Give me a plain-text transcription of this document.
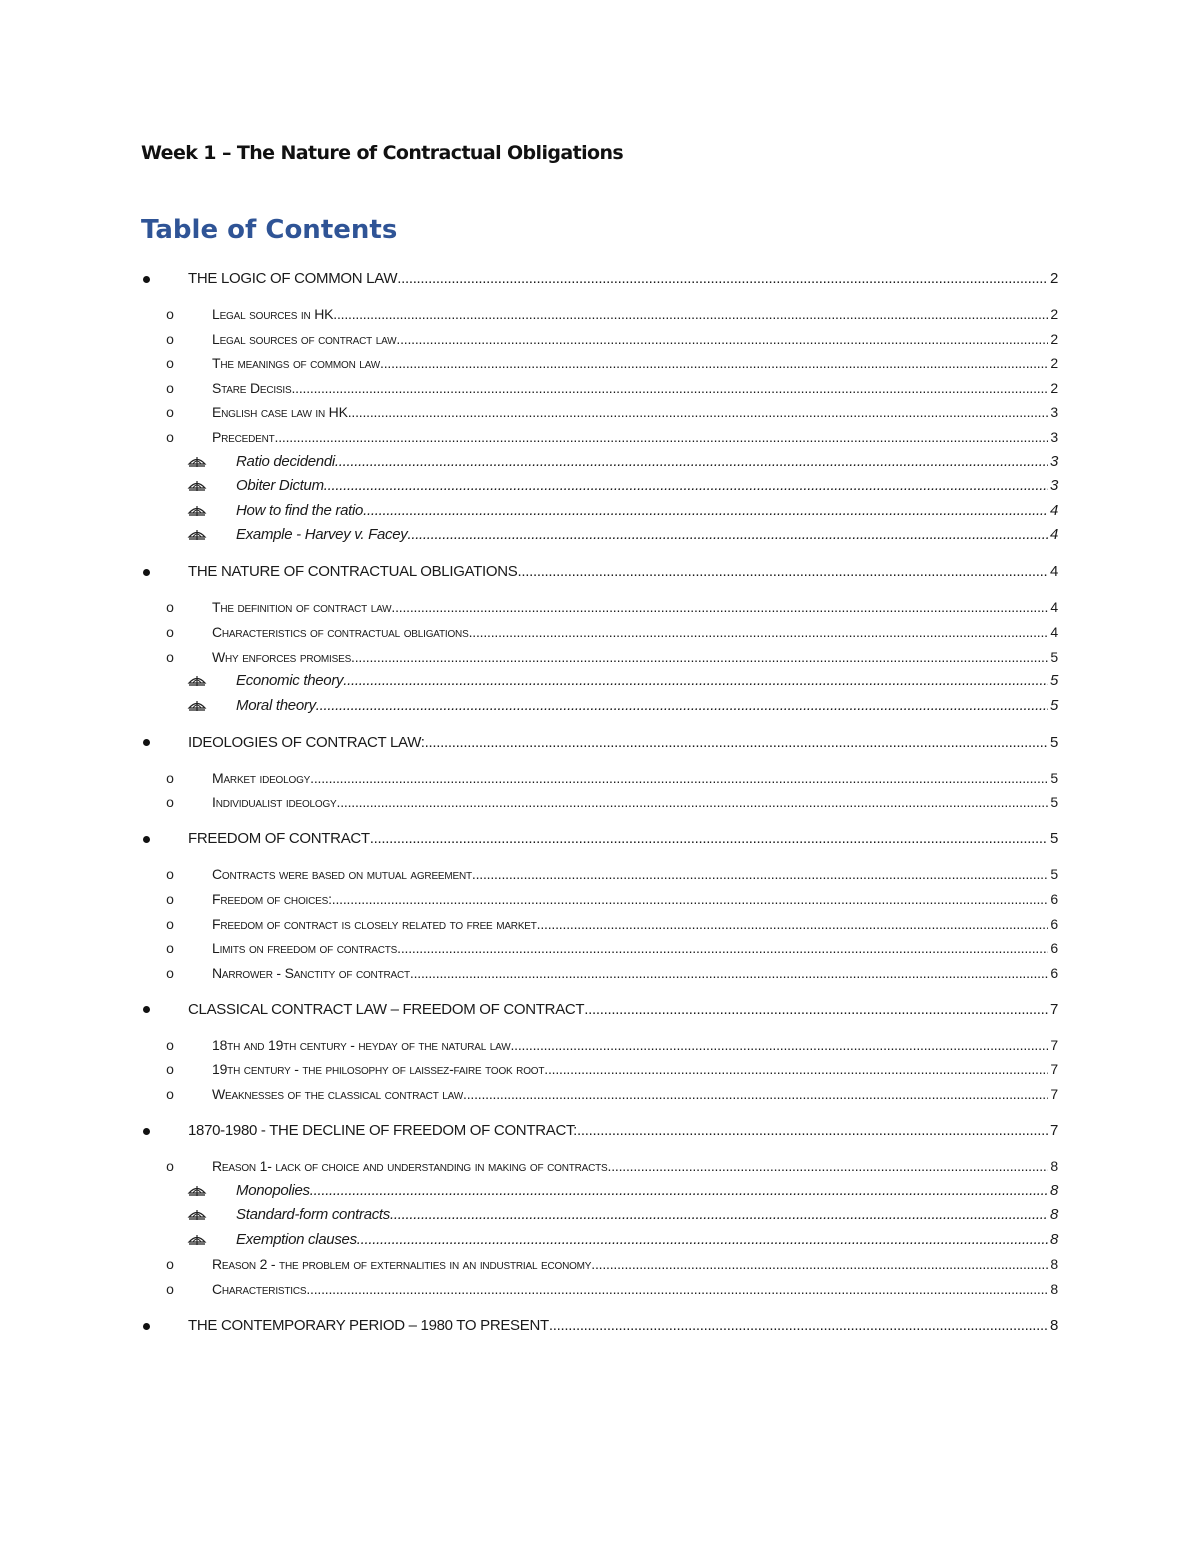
Week 1 – The Nature of Contractual Obligations
Table of Contents
THE LOGIC OF COMMON LAW .....	2
o	Legal sources in HK .....	2
o	Legal sources of contract law .....	2
o	The meanings of common law .....	2
o	Stare Decisis .....	2
o	English case law in HK .....	3
o	Precedent .....	3
Ratio decidendi .....	3
Obiter Dictum .....	3
How to find the ratio .....	4
Example - Harvey v. Facey .....	4
THE NATURE OF CONTRACTUAL OBLIGATIONS .....	4
o	The definition of contract law .....	4
o	Characteristics of contractual obligations .....	4
o	Why enforces promises .....	5
Economic theory .....	5
Moral theory .....	5
IDEOLOGIES OF CONTRACT LAW: .....	5
o	Market ideology .....	5
o	Individualist ideology .....	5
FREEDOM OF CONTRACT .....	5
o	Contracts were based on mutual agreement .....	5
o	Freedom of choices: .....	6
o	Freedom of contract is closely related to free market .....	6
o	Limits on freedom of contracts .....	6
o	Narrower - Sanctity of contract .....	6
CLASSICAL CONTRACT LAW – FREEDOM OF CONTRACT .....	7
o	18th and 19th century - heyday of the natural law .....	7
o	19th century - the philosophy of laissez-faire took root .....	7
o	Weaknesses of the classical contract law .....	7
1870-1980 - THE DECLINE OF FREEDOM OF CONTRACT: .....	7
o	Reason 1- lack of choice and understanding in making of contracts .....	8
Monopolies .....	8
Standard-form contracts .....	8
Exemption clauses .....	8
o	Reason 2 - the problem of externalities in an industrial economy .....	8
o	Characteristics .....	8
THE CONTEMPORARY PERIOD – 1980 TO PRESENT .....	8
